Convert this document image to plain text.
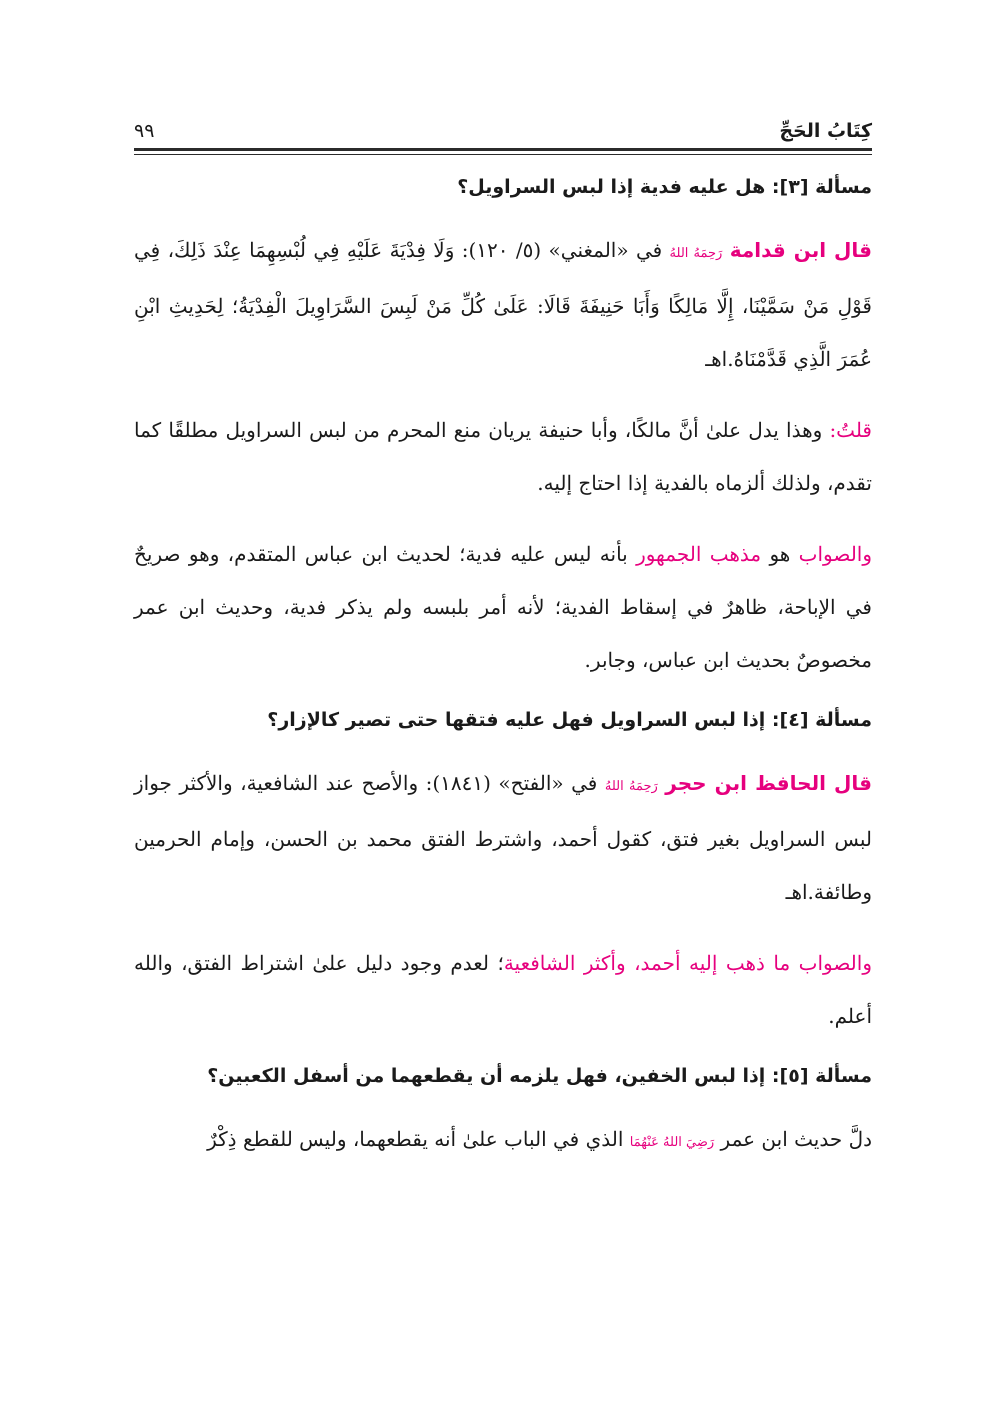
كِتَابُ الحَجِّ
٩٩
مسألة [٣]: هل عليه فدية إذا لبس السراويل؟

قال ابن قدامة رَحِمَهُ اللهُ في «المغني» (٥/ ١٢٠): وَلَا فِدْيَةَ عَلَيْهِ فِي لُبْسِهِمَا عِنْدَ ذَلِكَ، فِي قَوْلِ مَنْ سَمَّيْنَا، إِلَّا مَالِكًا وَأَبَا حَنِيفَةَ قَالَا: عَلَىٰ كُلِّ مَنْ لَبِسَ السَّرَاوِيلَ الْفِدْيَةُ؛ لِحَدِيثِ ابْنِ عُمَرَ الَّذِي قَدَّمْنَاهُ.اهـ

قلتُ: وهذا يدل علىٰ أنَّ مالكًا، وأبا حنيفة يريان منع المحرم من لبس السراويل مطلقًا كما تقدم، ولذلك ألزماه بالفدية إذا احتاج إليه.

والصواب هو مذهب الجمهور بأنه ليس عليه فدية؛ لحديث ابن عباس المتقدم، وهو صريحٌ في الإباحة، ظاهرٌ في إسقاط الفدية؛ لأنه أمر بلبسه ولم يذكر فدية، وحديث ابن عمر مخصوصٌ بحديث ابن عباس، وجابر.

مسألة [٤]: إذا لبس السراويل فهل عليه فتقها حتى تصير كالإزار؟

قال الحافظ ابن حجر رَحِمَهُ اللهُ في «الفتح» (١٨٤١): والأصح عند الشافعية، والأكثر جواز لبس السراويل بغير فتق، كقول أحمد، واشترط الفتق محمد بن الحسن، وإمام الحرمين وطائفة.اهـ

والصواب ما ذهب إليه أحمد، وأكثر الشافعية؛ لعدم وجود دليل علىٰ اشتراط الفتق، والله أعلم.

مسألة [٥]: إذا لبس الخفين، فهل يلزمه أن يقطعهما من أسفل الكعبين؟

دلَّ حديث ابن عمر رَضِيَ اللهُ عَنْهُمَا الذي في الباب علىٰ أنه يقطعهما، وليس للقطع ذِكْرٌ
